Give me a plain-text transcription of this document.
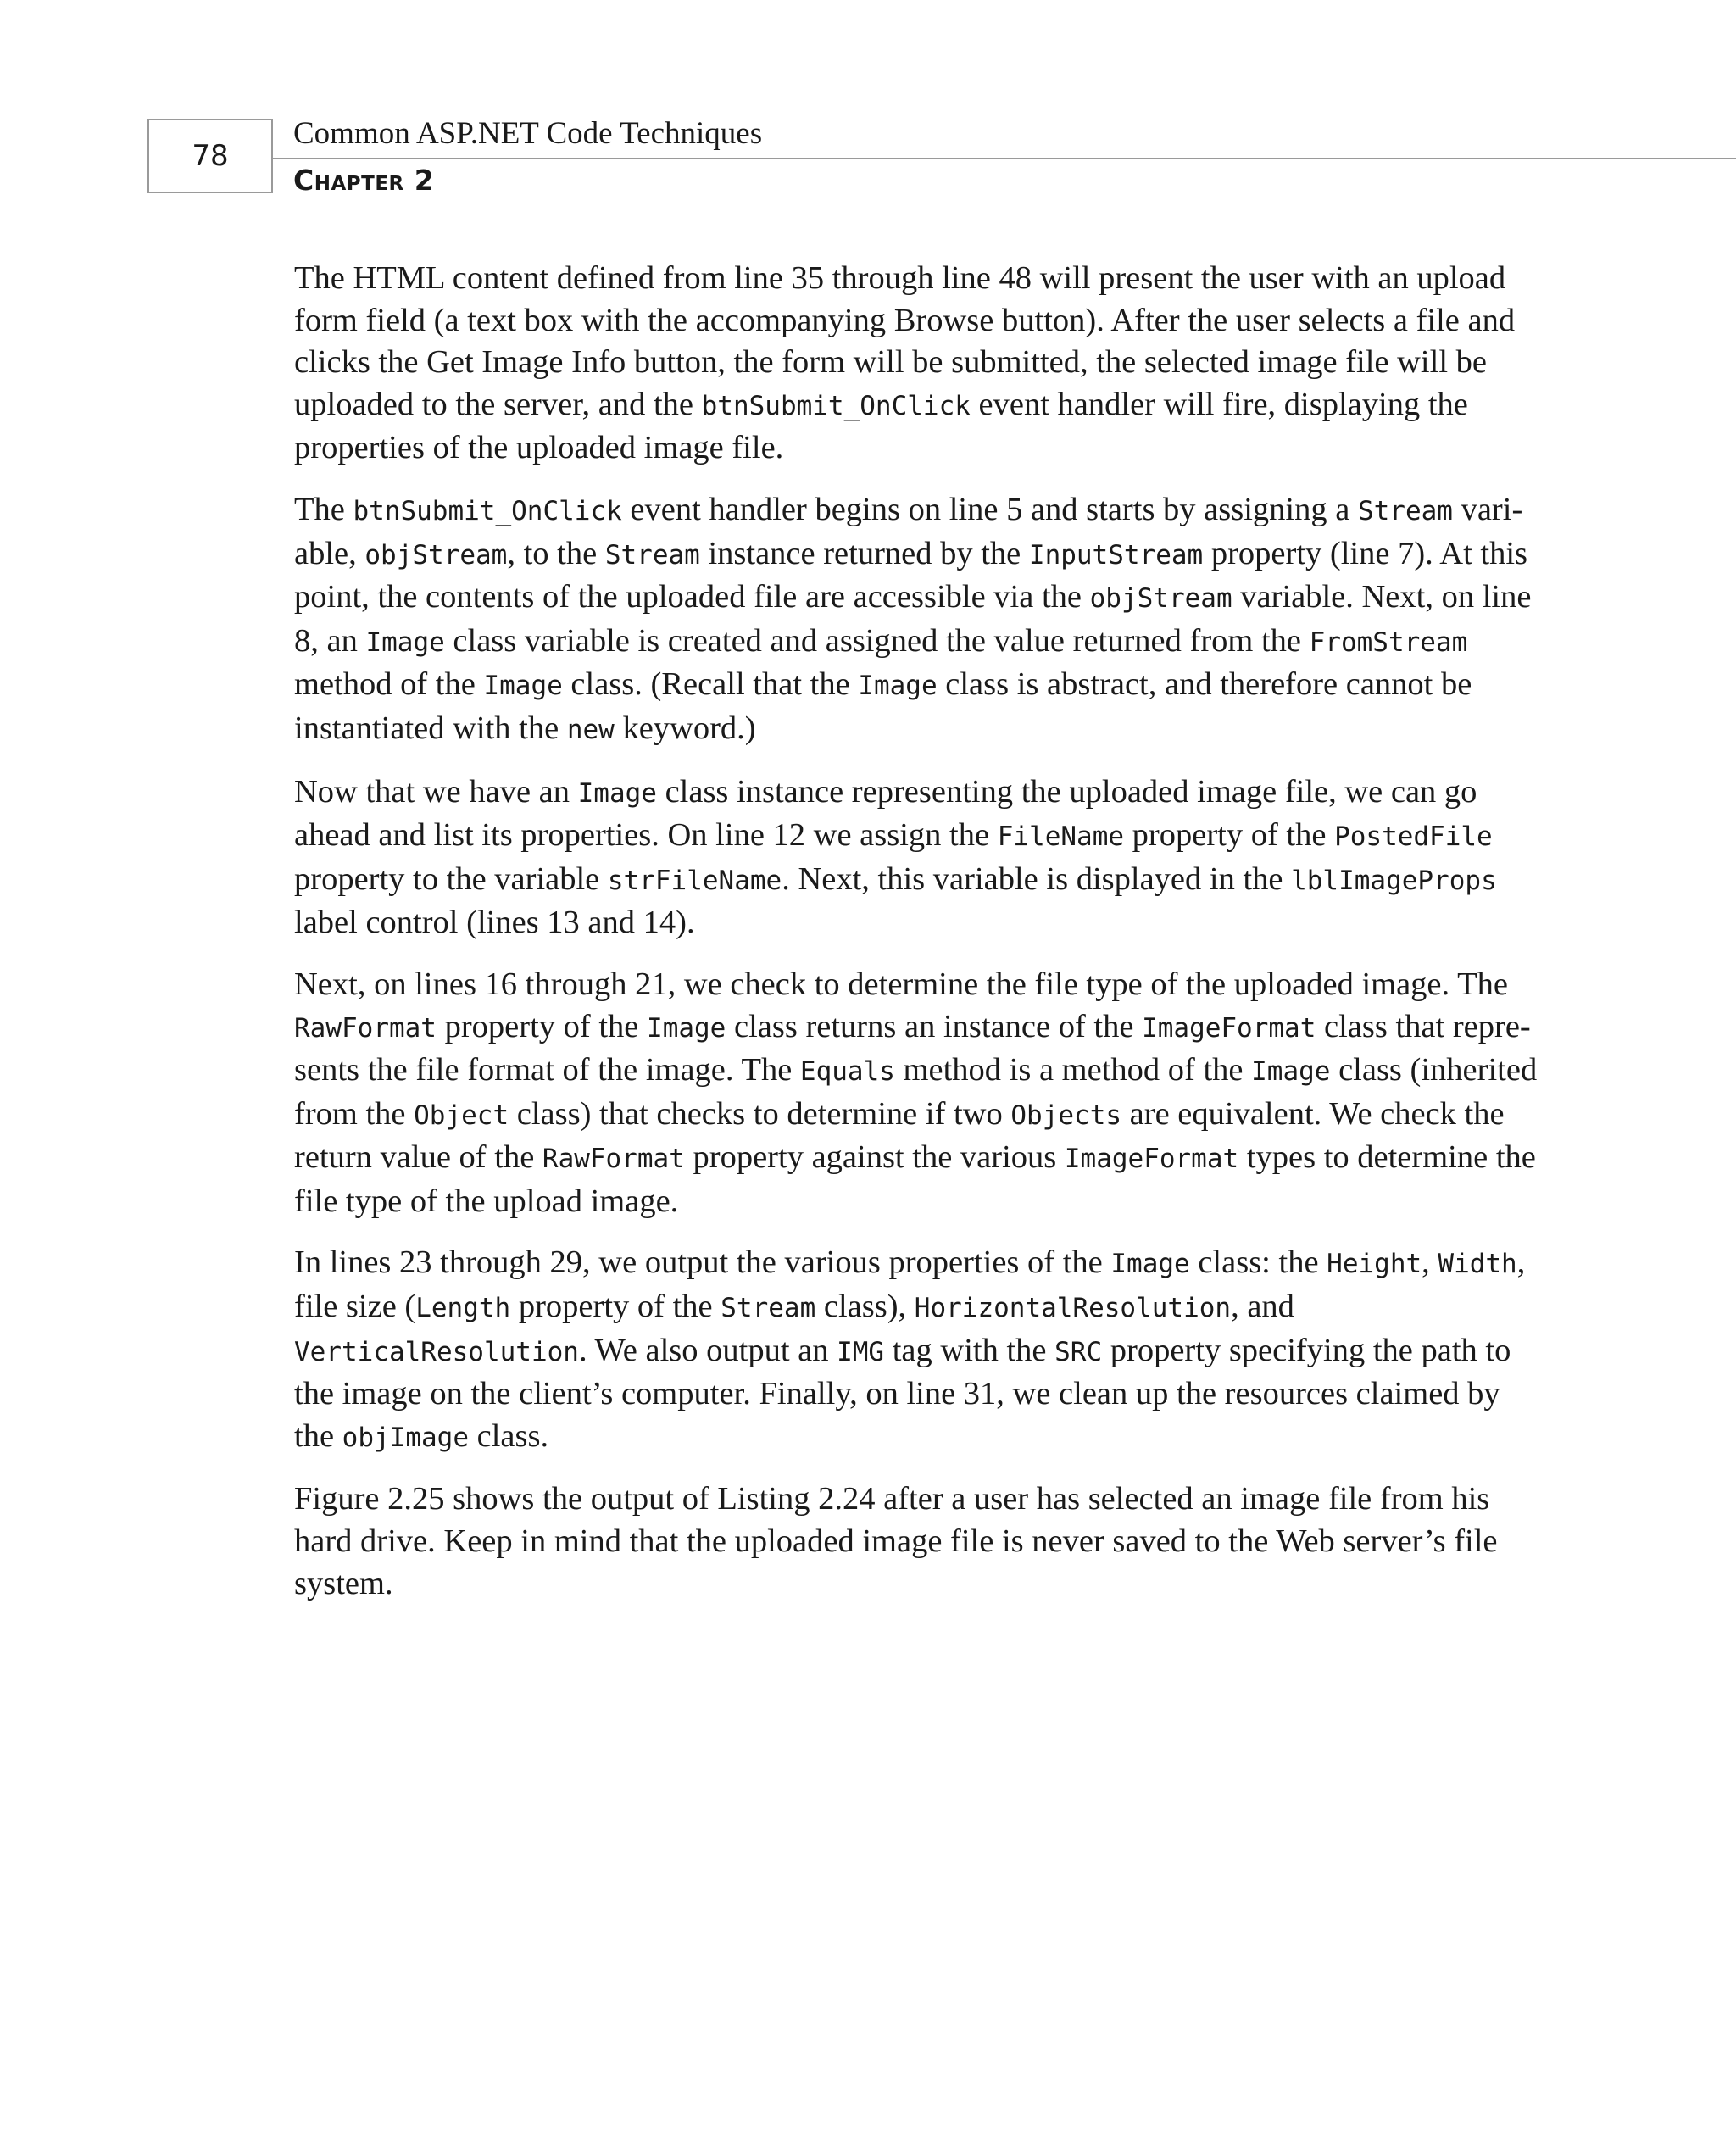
78
Common ASP.NET Code Techniques
Chapter 2

The HTML content defined from line 35 through line 48 will present the user with an upload
form field (a text box with the accompanying Browse button). After the user selects a file and
clicks the Get Image Info button, the form will be submitted, the selected image file will be
uploaded to the server, and the btnSubmit_OnClick event handler will fire, displaying the
properties of the uploaded image file.

The btnSubmit_OnClick event handler begins on line 5 and starts by assigning a Stream vari-
able, objStream, to the Stream instance returned by the InputStream property (line 7). At this
point, the contents of the uploaded file are accessible via the objStream variable. Next, on line
8, an Image class variable is created and assigned the value returned from the FromStream
method of the Image class. (Recall that the Image class is abstract, and therefore cannot be
instantiated with the new keyword.)

Now that we have an Image class instance representing the uploaded image file, we can go
ahead and list its properties. On line 12 we assign the FileName property of the PostedFile
property to the variable strFileName. Next, this variable is displayed in the lblImageProps
label control (lines 13 and 14).

Next, on lines 16 through 21, we check to determine the file type of the uploaded image. The
RawFormat property of the Image class returns an instance of the ImageFormat class that repre-
sents the file format of the image. The Equals method is a method of the Image class (inherited
from the Object class) that checks to determine if two Objects are equivalent. We check the
return value of the RawFormat property against the various ImageFormat types to determine the
file type of the upload image.

In lines 23 through 29, we output the various properties of the Image class: the Height, Width,
file size (Length property of the Stream class), HorizontalResolution, and
VerticalResolution. We also output an IMG tag with the SRC property specifying the path to
the image on the client’s computer. Finally, on line 31, we clean up the resources claimed by
the objImage class.

Figure 2.25 shows the output of Listing 2.24 after a user has selected an image file from his
hard drive. Keep in mind that the uploaded image file is never saved to the Web server’s file
system.
